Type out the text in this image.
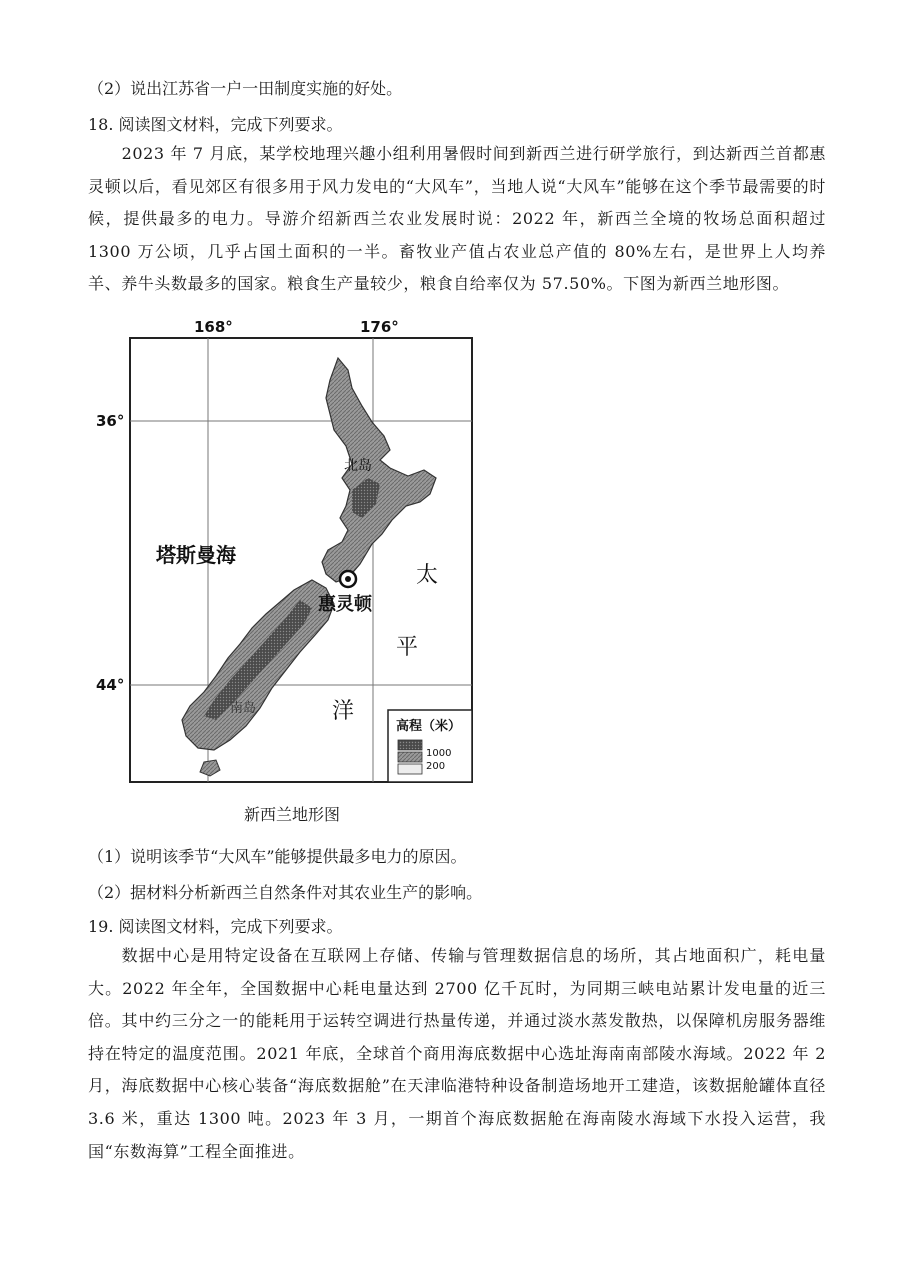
（2）说出江苏省一户一田制度实施的好处。
18. 阅读图文材料，完成下列要求。
2023 年 7 月底，某学校地理兴趣小组利用暑假时间到新西兰进行研学旅行，到达新西兰首都惠灵顿以后，看见郊区有很多用于风力发电的“大风车”，当地人说“大风车”能够在这个季节最需要的时候，提供最多的电力。导游介绍新西兰农业发展时说：2022 年，新西兰全境的牧场总面积超过 1300 万公顷，几乎占国土面积的一半。畜牧业产值占农业总产值的 80%左右，是世界上人均养羊、养牛头数最多的国家。粮食生产量较少，粮食自给率仅为 57.50%。下图为新西兰地形图。
168°	176°
36°
44°
北岛
南岛
塔斯曼海
惠灵顿
太
平
洋
高程（米）
1000
200
新西兰地形图
（1）说明该季节“大风车”能够提供最多电力的原因。
（2）据材料分析新西兰自然条件对其农业生产的影响。
19. 阅读图文材料，完成下列要求。
数据中心是用特定设备在互联网上存储、传输与管理数据信息的场所，其占地面积广，耗电量大。2022 年全年，全国数据中心耗电量达到 2700 亿千瓦时，为同期三峡电站累计发电量的近三倍。其中约三分之一的能耗用于运转空调进行热量传递，并通过淡水蒸发散热，以保障机房服务器维持在特定的温度范围。2021 年底，全球首个商用海底数据中心选址海南南部陵水海域。2022 年 2 月，海底数据中心核心装备“海底数据舱”在天津临港特种设备制造场地开工建造，该数据舱罐体直径 3.6 米，重达 1300 吨。2023 年 3 月，一期首个海底数据舱在海南陵水海域下水投入运营，我国“东数海算”工程全面推进。
